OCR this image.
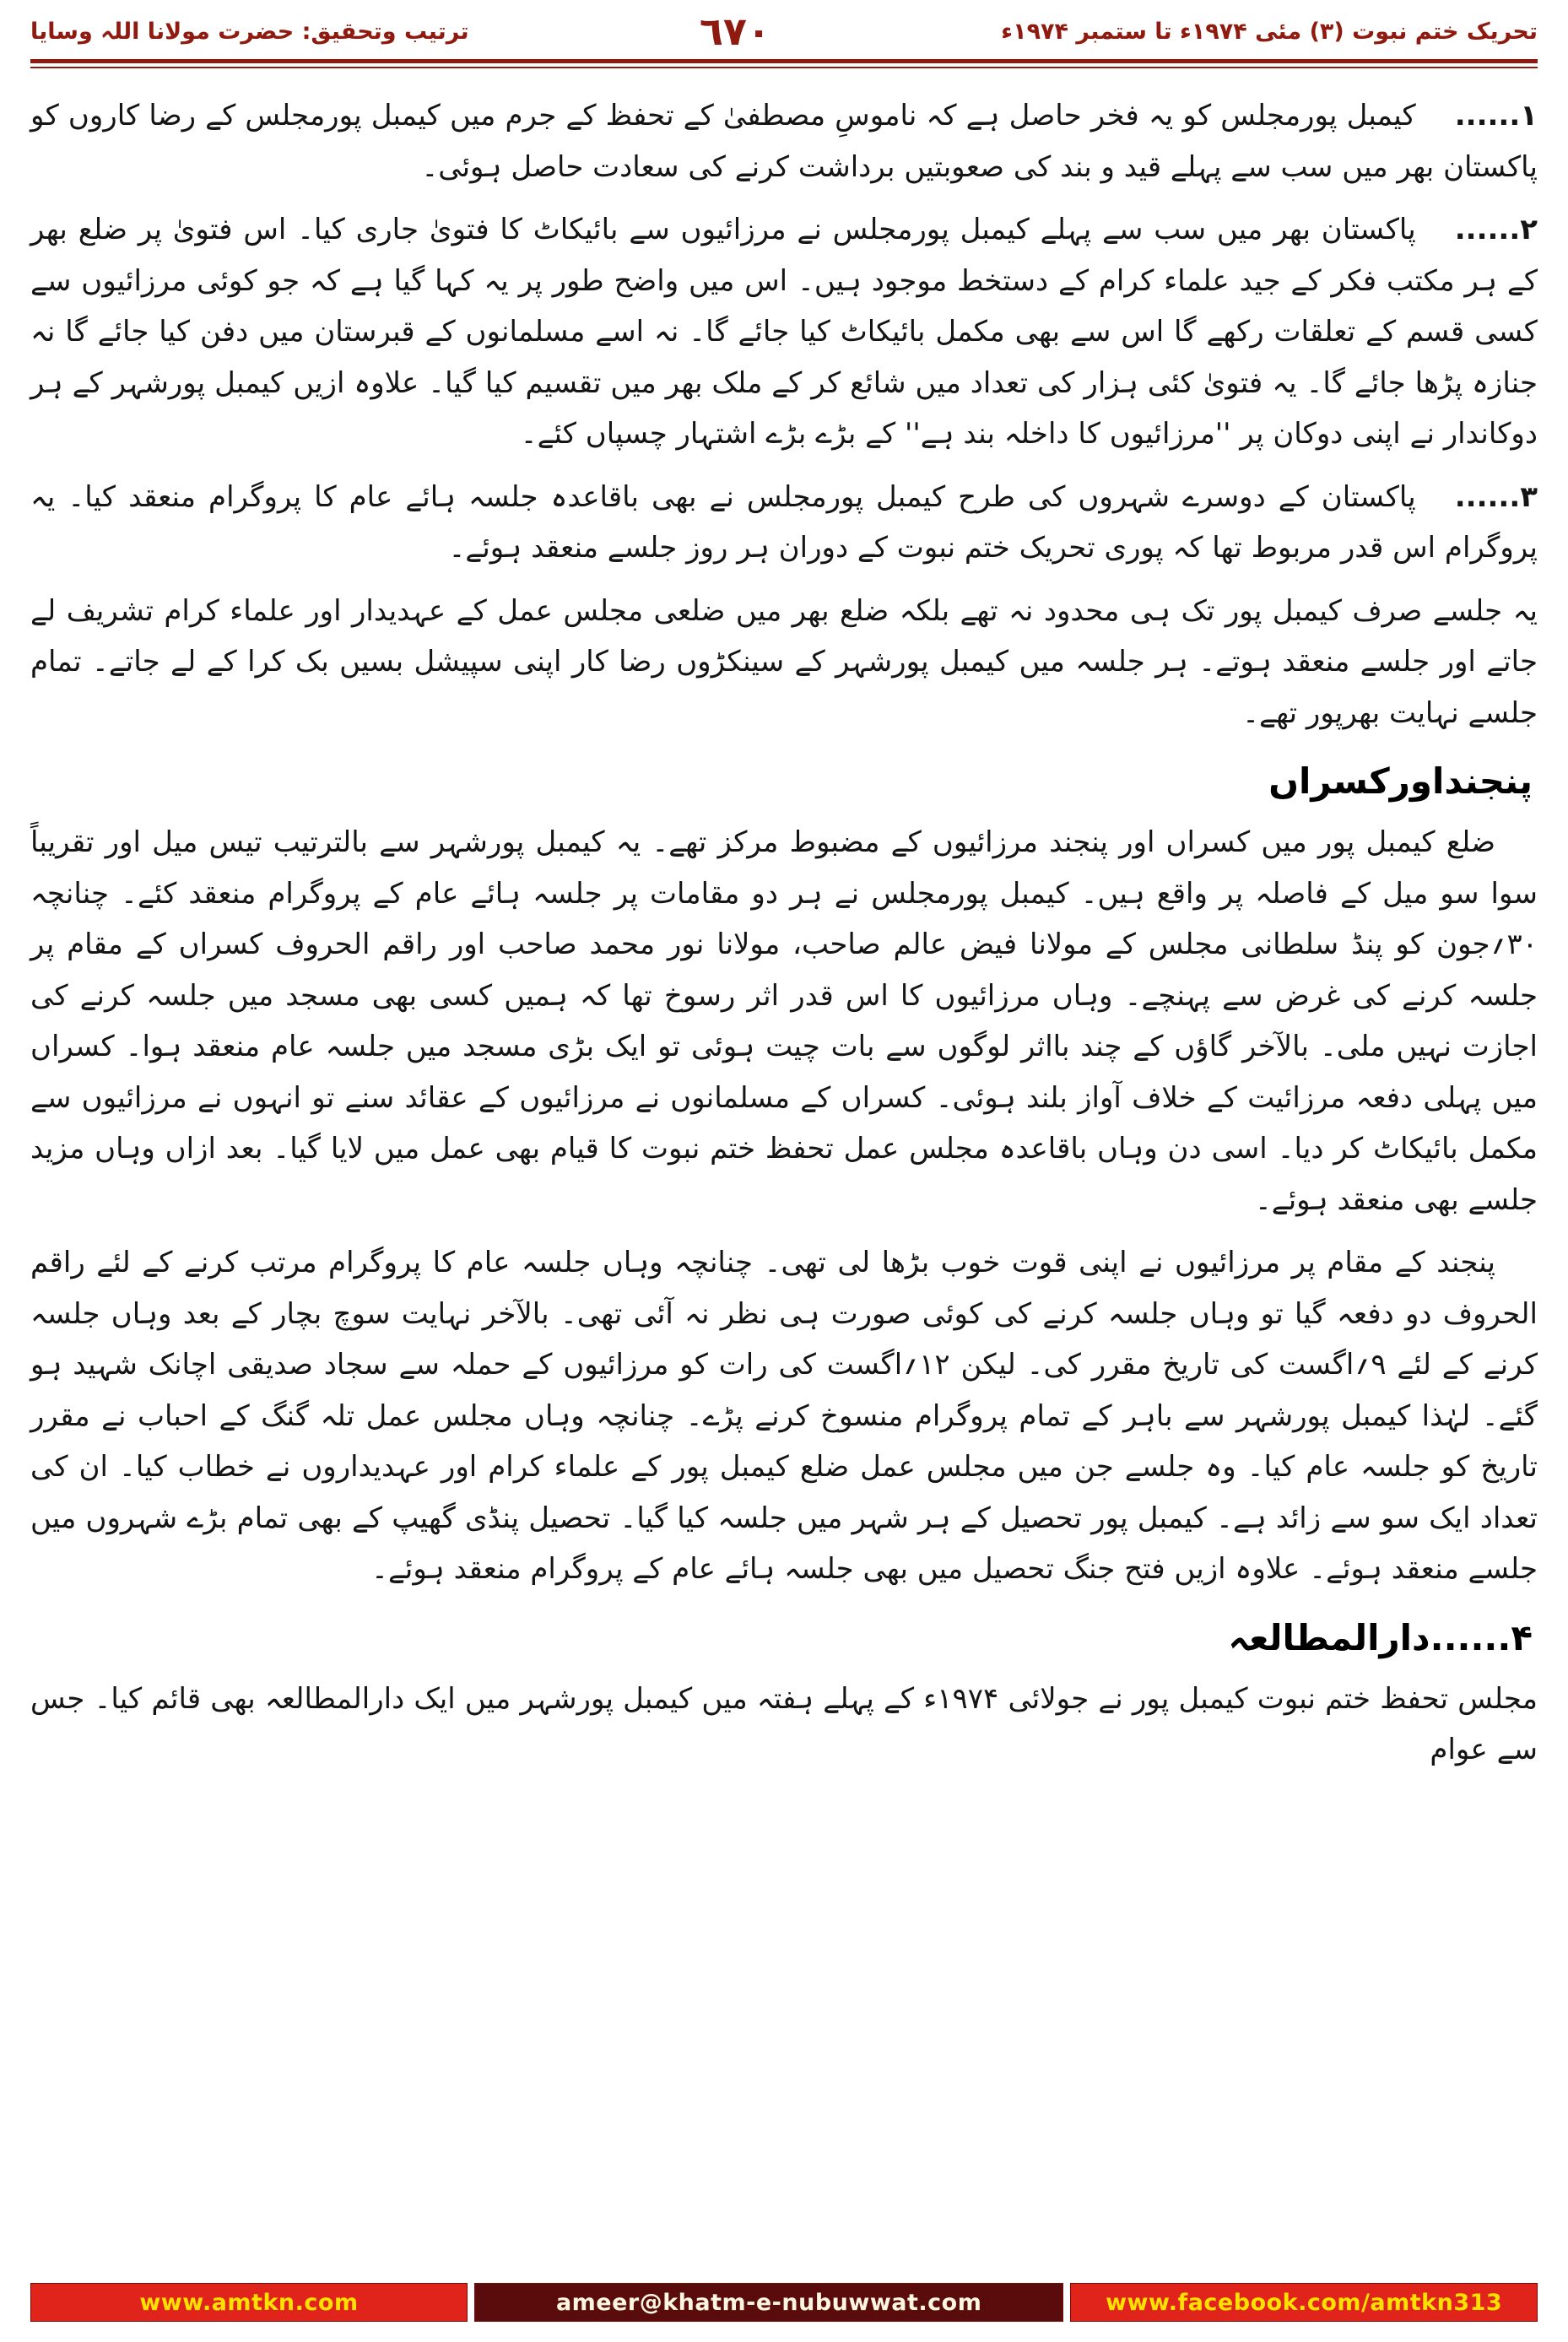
تحریک ختم نبوت (۳) مئی ۱۹۷۴ء تا ستمبر ۱۹۷۴ء
٦٧٠
ترتیب وتحقیق: حضرت مولانا اللہ وسایا

۱......کیمبل پورمجلس کو یہ فخر حاصل ہے کہ ناموسِ مصطفیٰ کے تحفظ کے جرم میں کیمبل پورمجلس کے رضا کاروں کو پاکستان بھر میں سب سے پہلے قید و بند کی صعوبتیں برداشت کرنے کی سعادت حاصل ہوئی۔

۲......پاکستان بھر میں سب سے پہلے کیمبل پورمجلس نے مرزائیوں سے بائیکاٹ کا فتویٰ جاری کیا۔ اس فتویٰ پر ضلع بھر کے ہر مکتب فکر کے جید علماء کرام کے دستخط موجود ہیں۔ اس میں واضح طور پر یہ کہا گیا ہے کہ جو کوئی مرزائیوں سے کسی قسم کے تعلقات رکھے گا اس سے بھی مکمل بائیکاٹ کیا جائے گا۔ نہ اسے مسلمانوں کے قبرستان میں دفن کیا جائے گا نہ جنازہ پڑھا جائے گا۔ یہ فتویٰ کئی ہزار کی تعداد میں شائع کر کے ملک بھر میں تقسیم کیا گیا۔ علاوہ ازیں کیمبل پورشہر کے ہر دوکاندار نے اپنی دوکان پر ''مرزائیوں کا داخلہ بند ہے'' کے بڑے بڑے اشتہار چسپاں کئے۔

۳......پاکستان کے دوسرے شہروں کی طرح کیمبل پورمجلس نے بھی باقاعدہ جلسہ ہائے عام کا پروگرام منعقد کیا۔ یہ پروگرام اس قدر مربوط تھا کہ پوری تحریک ختم نبوت کے دوران ہر روز جلسے منعقد ہوئے۔

یہ جلسے صرف کیمبل پور تک ہی محدود نہ تھے بلکہ ضلع بھر میں ضلعی مجلس عمل کے عہدیدار اور علماء کرام تشریف لے جاتے اور جلسے منعقد ہوتے۔ ہر جلسہ میں کیمبل پورشہر کے سینکڑوں رضا کار اپنی سپیشل بسیں بک کرا کے لے جاتے۔ تمام جلسے نہایت بھرپور تھے۔

پنجنداورکسراں

ضلع کیمبل پور میں کسراں اور پنجند مرزائیوں کے مضبوط مرکز تھے۔ یہ کیمبل پورشہر سے بالترتیب تیس میل اور تقریباً سوا سو میل کے فاصلہ پر واقع ہیں۔ کیمبل پورمجلس نے ہر دو مقامات پر جلسہ ہائے عام کے پروگرام منعقد کئے۔ چنانچہ ۳۰؍جون کو پنڈ سلطانی مجلس کے مولانا فیض عالم صاحب، مولانا نور محمد صاحب اور راقم الحروف کسراں کے مقام پر جلسہ کرنے کی غرض سے پہنچے۔ وہاں مرزائیوں کا اس قدر اثر رسوخ تھا کہ ہمیں کسی بھی مسجد میں جلسہ کرنے کی اجازت نہیں ملی۔ بالآخر گاؤں کے چند بااثر لوگوں سے بات چیت ہوئی تو ایک بڑی مسجد میں جلسہ عام منعقد ہوا۔ کسراں میں پہلی دفعہ مرزائیت کے خلاف آواز بلند ہوئی۔ کسراں کے مسلمانوں نے مرزائیوں کے عقائد سنے تو انہوں نے مرزائیوں سے مکمل بائیکاٹ کر دیا۔ اسی دن وہاں باقاعدہ مجلس عمل تحفظ ختم نبوت کا قیام بھی عمل میں لایا گیا۔ بعد ازاں وہاں مزید جلسے بھی منعقد ہوئے۔

پنجند کے مقام پر مرزائیوں نے اپنی قوت خوب بڑھا لی تھی۔ چنانچہ وہاں جلسہ عام کا پروگرام مرتب کرنے کے لئے راقم الحروف دو دفعہ گیا تو وہاں جلسہ کرنے کی کوئی صورت ہی نظر نہ آئی تھی۔ بالآخر نہایت سوچ بچار کے بعد وہاں جلسہ کرنے کے لئے ۹؍اگست کی تاریخ مقرر کی۔ لیکن ۱۲؍اگست کی رات کو مرزائیوں کے حملہ سے سجاد صدیقی اچانک شہید ہو گئے۔ لہٰذا کیمبل پورشہر سے باہر کے تمام پروگرام منسوخ کرنے پڑے۔ چنانچہ وہاں مجلس عمل تلہ گنگ کے احباب نے مقرر تاریخ کو جلسہ عام کیا۔ وہ جلسے جن میں مجلس عمل ضلع کیمبل پور کے علماء کرام اور عہدیداروں نے خطاب کیا۔ ان کی تعداد ایک سو سے زائد ہے۔ کیمبل پور تحصیل کے ہر شہر میں جلسہ کیا گیا۔ تحصیل پنڈی گھیپ کے بھی تمام بڑے شہروں میں جلسے منعقد ہوئے۔ علاوہ ازیں فتح جنگ تحصیل میں بھی جلسہ ہائے عام کے پروگرام منعقد ہوئے۔

۴......دارالمطالعہ

مجلس تحفظ ختم نبوت کیمبل پور نے جولائی ۱۹۷۴ء کے پہلے ہفتہ میں کیمبل پورشہر میں ایک دارالمطالعہ بھی قائم کیا۔ جس سے عوام

www.amtkn.com	ameer@khatm-e-nubuwwat.com	www.facebook.com/amtkn313
